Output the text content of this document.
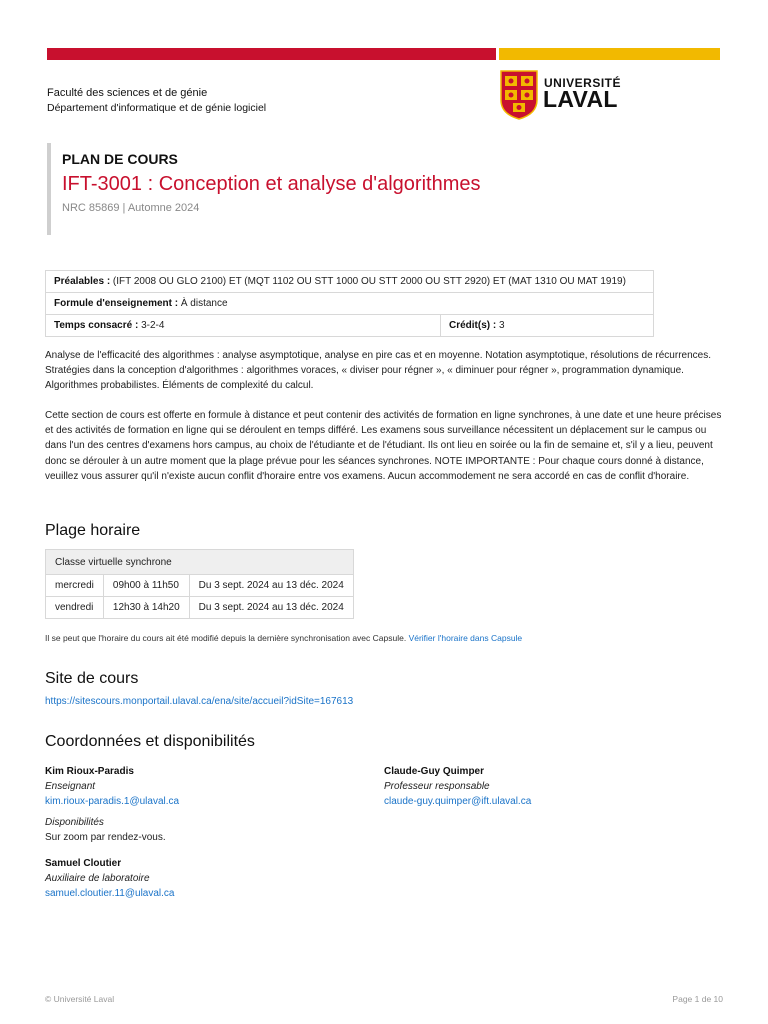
Faculté des sciences et de génie
Département d'informatique et de génie logiciel
UNIVERSITÉ
LAVAL
PLAN DE COURS
IFT-3001 : Conception et analyse d'algorithmes
NRC 85869 | Automne 2024
Préalables : (IFT 2008 OU GLO 2100) ET (MQT 1102 OU STT 1000 OU STT 2000 OU STT 2920) ET (MAT 1310 OU MAT 1919)
Formule d'enseignement : À distance
Temps consacré : 3-2-4	Crédit(s) : 3
Analyse de l'efficacité des algorithmes : analyse asymptotique, analyse en pire cas et en moyenne. Notation asymptotique, résolutions de récurrences. Stratégies dans la conception d'algorithmes : algorithmes voraces, « diviser pour régner », « diminuer pour régner », programmation dynamique. Algorithmes probabilistes. Éléments de complexité du calcul.
Cette section de cours est offerte en formule à distance et peut contenir des activités de formation en ligne synchrones, à une date et une heure précises et des activités de formation en ligne qui se déroulent en temps différé. Les examens sous surveillance nécessitent un déplacement sur le campus ou dans l'un des centres d'examens hors campus, au choix de l'étudiante et de l'étudiant. Ils ont lieu en soirée ou la fin de semaine et, s'il y a lieu, peuvent donc se dérouler à un autre moment que la plage prévue pour les séances synchrones. NOTE IMPORTANTE : Pour chaque cours donné à distance, veuillez vous assurer qu'il n'existe aucun conflit d'horaire entre vos examens. Aucun accommodement ne sera accordé en cas de conflit d'horaire.
Plage horaire
Classe virtuelle synchrone		
mercredi	09h00 à 11h50	Du 3 sept. 2024 au 13 déc. 2024
vendredi	12h30 à 14h20	Du 3 sept. 2024 au 13 déc. 2024
Il se peut que l'horaire du cours ait été modifié depuis la dernière synchronisation avec Capsule. Vérifier l'horaire dans Capsule
Site de cours
https://sitescours.monportail.ulaval.ca/ena/site/accueil?idSite=167613
Coordonnées et disponibilités
Kim Rioux-Paradis
Enseignant
kim.rioux-paradis.1@ulaval.ca
Disponibilités
Sur zoom par rendez-vous.
Claude-Guy Quimper
Professeur responsable
claude-guy.quimper@ift.ulaval.ca
Samuel Cloutier
Auxiliaire de laboratoire
samuel.cloutier.11@ulaval.ca
© Université Laval	Page 1 de 10
